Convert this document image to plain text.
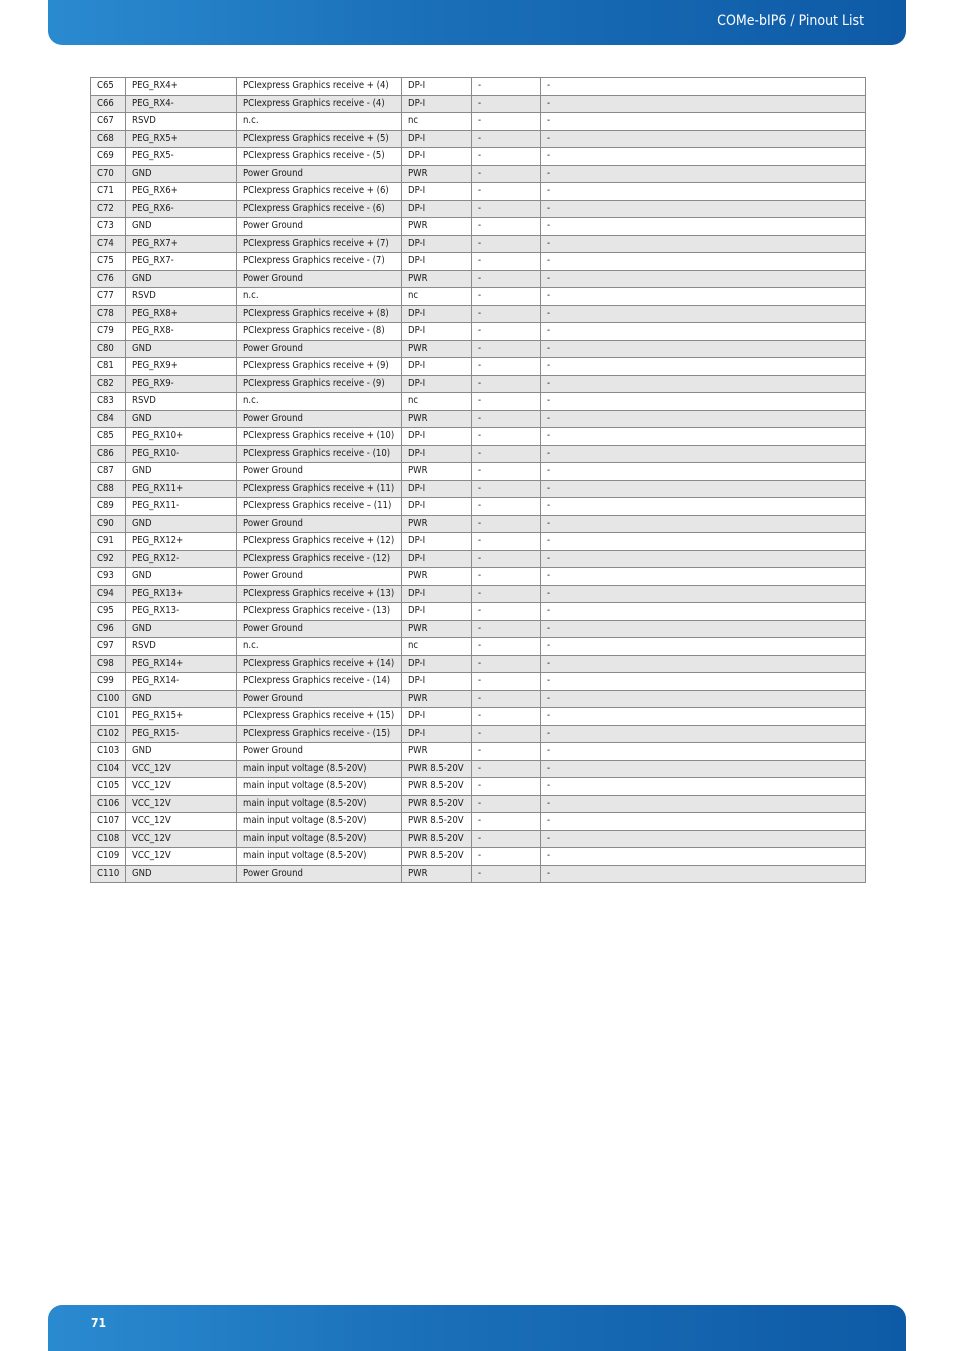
COMe-bIP6 / Pinout List
C65	PEG_RX4+	PCIexpress Graphics receive + (4)	DP-I	-	-
C66	PEG_RX4-	PCIexpress Graphics receive - (4)	DP-I	-	-
C67	RSVD	n.c.	nc	-	-
C68	PEG_RX5+	PCIexpress Graphics receive + (5)	DP-I	-	-
C69	PEG_RX5-	PCIexpress Graphics receive - (5)	DP-I	-	-
C70	GND	Power Ground	PWR	-	-
C71	PEG_RX6+	PCIexpress Graphics receive + (6)	DP-I	-	-
C72	PEG_RX6-	PCIexpress Graphics receive - (6)	DP-I	-	-
C73	GND	Power Ground	PWR	-	-
C74	PEG_RX7+	PCIexpress Graphics receive + (7)	DP-I	-	-
C75	PEG_RX7-	PCIexpress Graphics receive - (7)	DP-I	-	-
C76	GND	Power Ground	PWR	-	-
C77	RSVD	n.c.	nc	-	-
C78	PEG_RX8+	PCIexpress Graphics receive + (8)	DP-I	-	-
C79	PEG_RX8-	PCIexpress Graphics receive - (8)	DP-I	-	-
C80	GND	Power Ground	PWR	-	-
C81	PEG_RX9+	PCIexpress Graphics receive + (9)	DP-I	-	-
C82	PEG_RX9-	PCIexpress Graphics receive - (9)	DP-I	-	-
C83	RSVD	n.c.	nc	-	-
C84	GND	Power Ground	PWR	-	-
C85	PEG_RX10+	PCIexpress Graphics receive + (10)	DP-I	-	-
C86	PEG_RX10-	PCIexpress Graphics receive - (10)	DP-I	-	-
C87	GND	Power Ground	PWR	-	-
C88	PEG_RX11+	PCIexpress Graphics receive + (11)	DP-I	-	-
C89	PEG_RX11-	PCIexpress Graphics receive – (11)	DP-I	-	-
C90	GND	Power Ground	PWR	-	-
C91	PEG_RX12+	PCIexpress Graphics receive + (12)	DP-I	-	-
C92	PEG_RX12-	PCIexpress Graphics receive - (12)	DP-I	-	-
C93	GND	Power Ground	PWR	-	-
C94	PEG_RX13+	PCIexpress Graphics receive + (13)	DP-I	-	-
C95	PEG_RX13-	PCIexpress Graphics receive - (13)	DP-I	-	-
C96	GND	Power Ground	PWR	-	-
C97	RSVD	n.c.	nc	-	-
C98	PEG_RX14+	PCIexpress Graphics receive + (14)	DP-I	-	-
C99	PEG_RX14-	PCIexpress Graphics receive - (14)	DP-I	-	-
C100	GND	Power Ground	PWR	-	-
C101	PEG_RX15+	PCIexpress Graphics receive + (15)	DP-I	-	-
C102	PEG_RX15-	PCIexpress Graphics receive - (15)	DP-I	-	-
C103	GND	Power Ground	PWR	-	-
C104	VCC_12V	main input voltage (8.5-20V)	PWR 8.5-20V	-	-
C105	VCC_12V	main input voltage (8.5-20V)	PWR 8.5-20V	-	-
C106	VCC_12V	main input voltage (8.5-20V)	PWR 8.5-20V	-	-
C107	VCC_12V	main input voltage (8.5-20V)	PWR 8.5-20V	-	-
C108	VCC_12V	main input voltage (8.5-20V)	PWR 8.5-20V	-	-
C109	VCC_12V	main input voltage (8.5-20V)	PWR 8.5-20V	-	-
C110	GND	Power Ground	PWR	-	-
71
